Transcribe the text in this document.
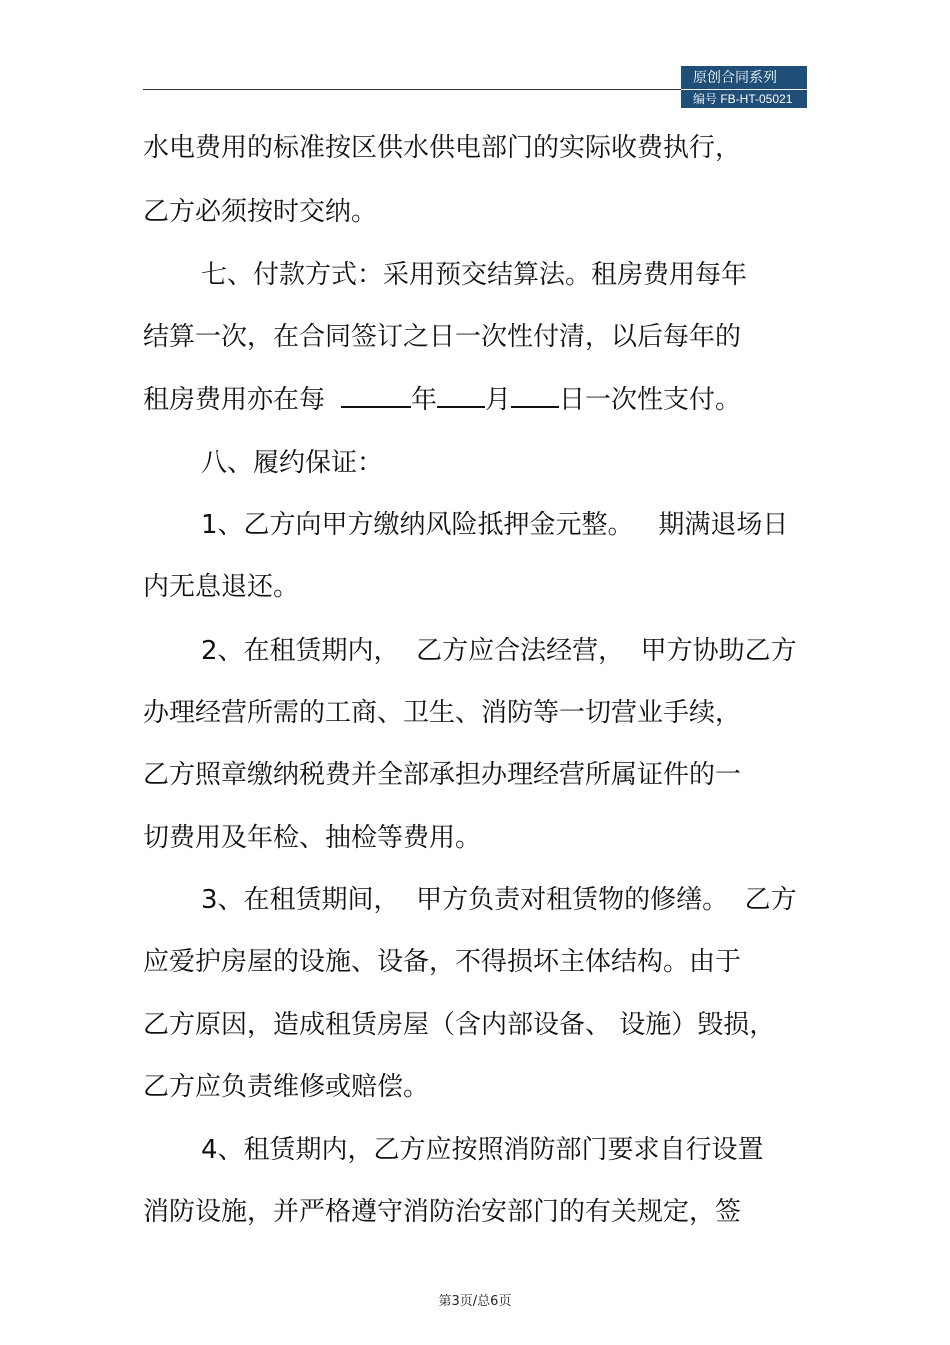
原创合同系列
编号 FB-HT-05021

水电费用的标准按区供水供电部门的实际收费执行，

乙方必须按时交纳。

七、付款方式：采用预交结算法。租房费用每年

结算一次，在合同签订之日一次性付清，以后每年的

租房费用亦在每	年 月 日一次性支付。

八、履约保证：

1、乙方向甲方缴纳风险抵押金元整。   期满退场日

内无息退还。

2、在租赁期内，  乙方应合法经营，  甲方协助乙方

办理经营所需的工商、卫生、消防等一切营业手续，

乙方照章缴纳税费并全部承担办理经营所属证件的一

切费用及年检、抽检等费用。

3、在租赁期间，  甲方负责对租赁物的修缮。  乙方

应爱护房屋的设施、设备，不得损坏主体结构。由于

乙方原因，造成租赁房屋（含内部设备、 设施）毁损，

乙方应负责维修或赔偿。

4、租赁期内，乙方应按照消防部门要求自行设置

消防设施，并严格遵守消防治安部门的有关规定，签

第3页/总6页
